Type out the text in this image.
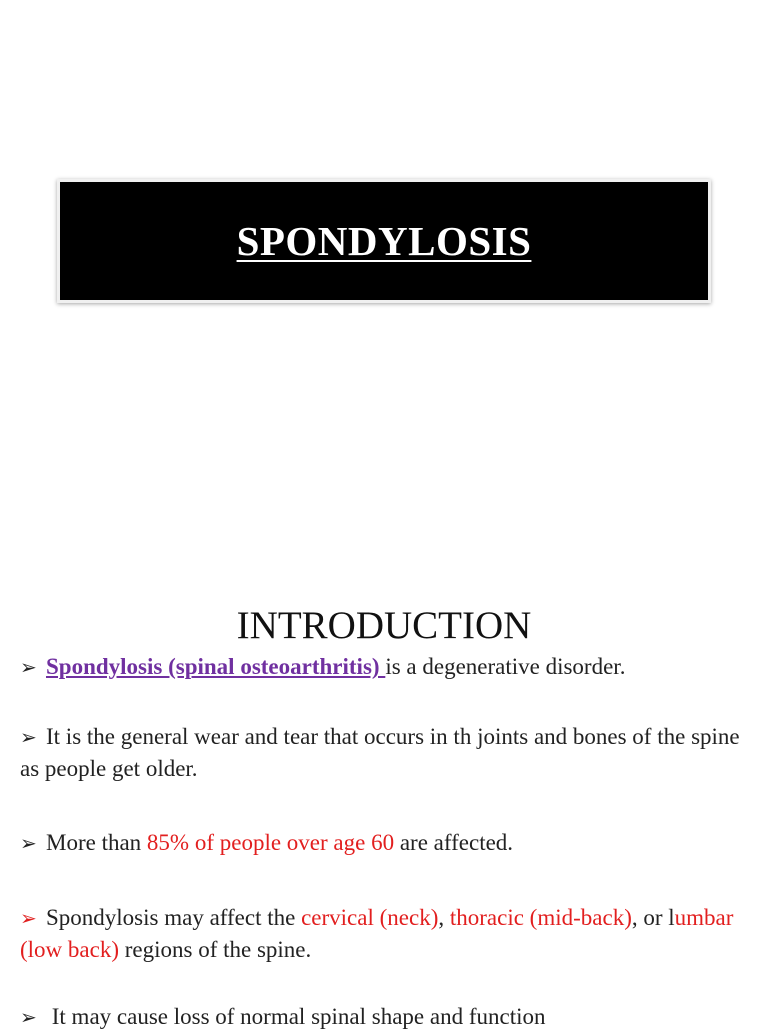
SPONDYLOSIS
INTRODUCTION
➢ Spondylosis (spinal osteoarthritis) is a degenerative disorder.
➢ It is the general wear and tear that occurs in th joints and bones of the spine as people get older.
➢ More than 85% of people over age 60 are affected.
➢ Spondylosis may affect the cervical (neck), thoracic (mid-back), or lumbar (low back) regions of the spine.
➢ It may cause loss of normal spinal shape and function
